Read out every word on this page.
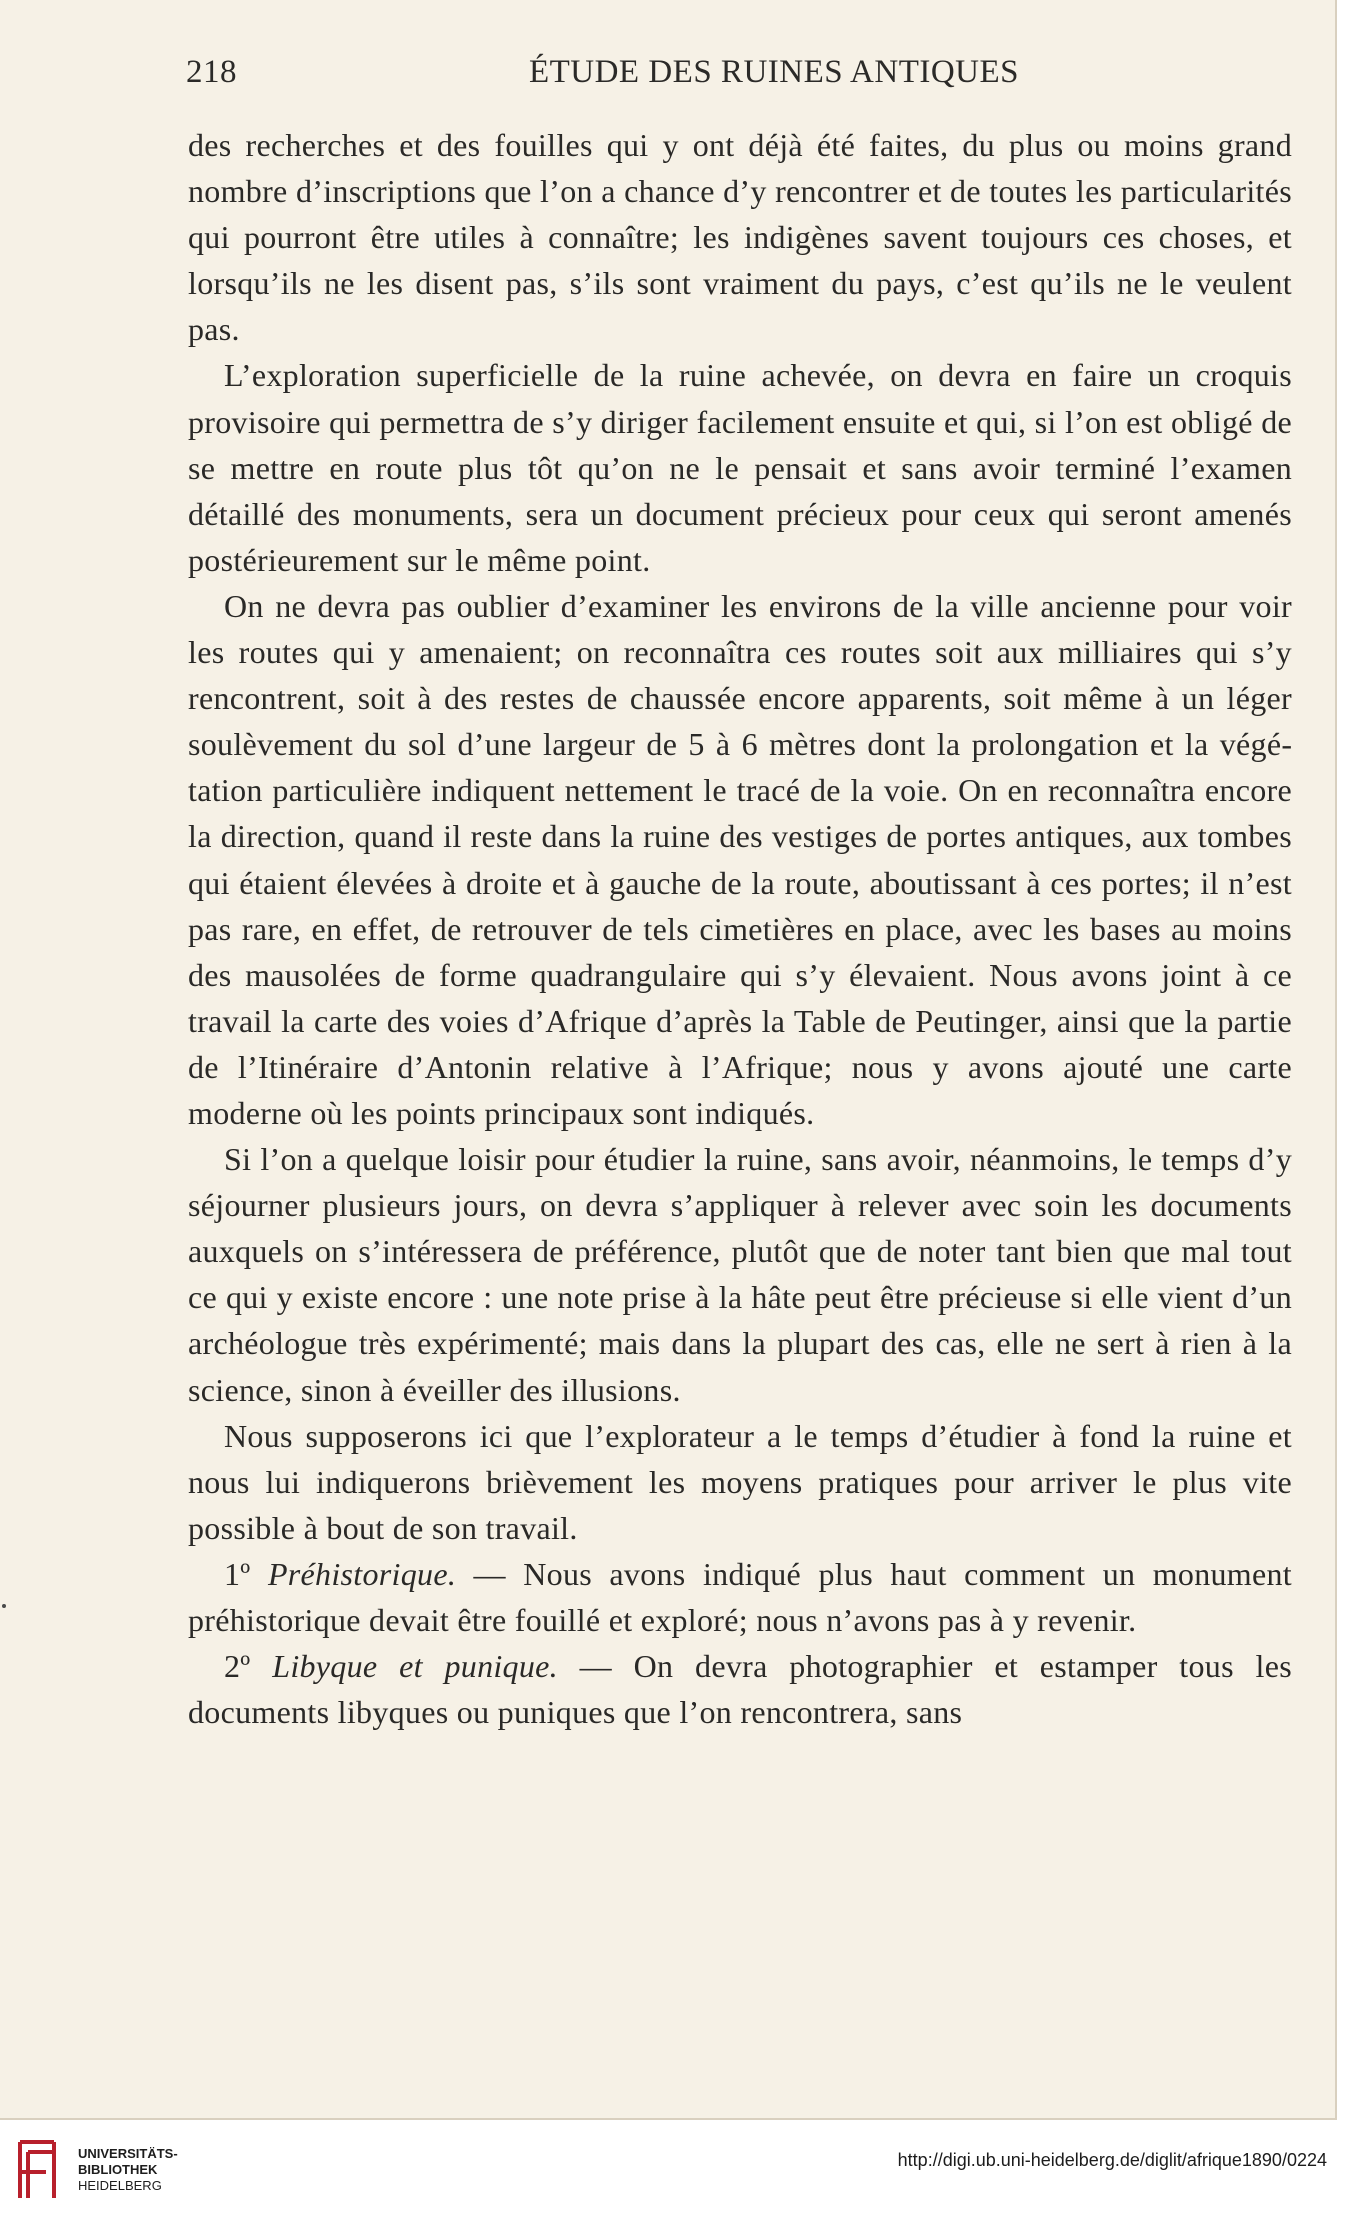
218	ÉTUDE DES RUINES ANTIQUES

des recherches et des fouilles qui y ont déjà été faites, du plus ou moins grand nombre d’inscriptions que l’on a chance d’y rencontrer et de toutes les particularités qui pourront être utiles à connaître; les indigènes savent toujours ces choses, et lorsqu’ils ne les disent pas, s’ils sont vraiment du pays, c’est qu’ils ne le veulent pas.

L’exploration superficielle de la ruine achevée, on devra en faire un croquis provisoire qui permettra de s’y diriger facilement ensuite et qui, si l’on est obligé de se mettre en route plus tôt qu’on ne le pensait et sans avoir terminé l’examen détaillé des monuments, sera un document précieux pour ceux qui seront amenés postérieurement sur le même point.

On ne devra pas oublier d’examiner les environs de la ville ancienne pour voir les routes qui y amenaient; on reconnaîtra ces routes soit aux milliaires qui s’y rencontrent, soit à des restes de chaussée encore apparents, soit même à un léger soulèvement du sol d’une largeur de 5 à 6 mètres dont la prolongation et la végétation particulière indiquent nettement le tracé de la voie. On en reconnaîtra encore la direction, quand il reste dans la ruine des vestiges de portes antiques, aux tombes qui étaient élevées à droite et à gauche de la route, aboutissant à ces portes; il n’est pas rare, en effet, de retrouver de tels cimetières en place, avec les bases au moins des mausolées de forme quadrangulaire qui s’y élevaient. Nous avons joint à ce travail la carte des voies d’Afrique d’après la Table de Peutinger, ainsi que la partie de l’Itinéraire d’Antonin relative à l’Afrique; nous y avons ajouté une carte moderne où les points principaux sont indiqués.

Si l’on a quelque loisir pour étudier la ruine, sans avoir, néanmoins, le temps d’y séjourner plusieurs jours, on devra s’appliquer à relever avec soin les documents auxquels on s’intéressera de préférence, plutôt que de noter tant bien que mal tout ce qui y existe encore : une note prise à la hâte peut être précieuse si elle vient d’un archéologue très expérimenté; mais dans la plupart des cas, elle ne sert à rien à la science, sinon à éveiller des illusions.

Nous supposerons ici que l’explorateur a le temps d’étudier à fond la ruine et nous lui indiquerons brièvement les moyens pratiques pour arriver le plus vite possible à bout de son travail.

1º Préhistorique. — Nous avons indiqué plus haut comment un monument préhistorique devait être fouillé et exploré; nous n’avons pas à y revenir.

2º Libyque et punique. — On devra photographier et estamper tous les documents libyques ou puniques que l’on rencontrera, sans

UNIVERSITÄTS-
BIBLIOTHEK
HEIDELBERG
http://digi.ub.uni-heidelberg.de/diglit/afrique1890/0224
